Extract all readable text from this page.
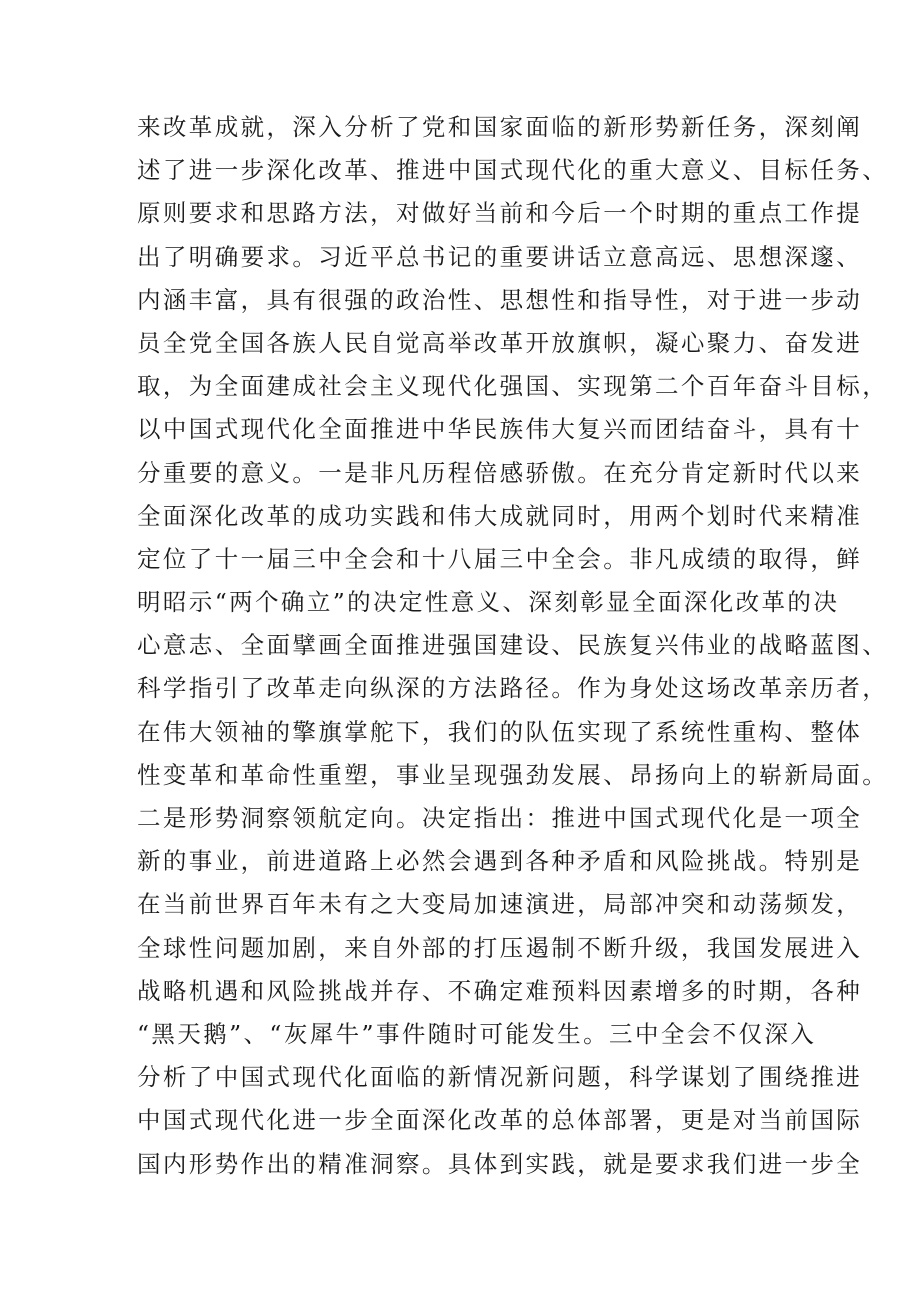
来改革成就，深入分析了党和国家面临的新形势新任务，深刻阐
述了进一步深化改革、推进中国式现代化的重大意义、目标任务、
原则要求和思路方法，对做好当前和今后一个时期的重点工作提
出了明确要求。习近平总书记的重要讲话立意高远、思想深邃、
内涵丰富，具有很强的政治性、思想性和指导性，对于进一步动
员全党全国各族人民自觉高举改革开放旗帜，凝心聚力、奋发进
取，为全面建成社会主义现代化强国、实现第二个百年奋斗目标，
以中国式现代化全面推进中华民族伟大复兴而团结奋斗，具有十
分重要的意义。一是非凡历程倍感骄傲。在充分肯定新时代以来
全面深化改革的成功实践和伟大成就同时，用两个划时代来精准
定位了十一届三中全会和十八届三中全会。非凡成绩的取得，鲜
明昭示“两个确立”的决定性意义、深刻彰显全面深化改革的决
心意志、全面擘画全面推进强国建设、民族复兴伟业的战略蓝图、
科学指引了改革走向纵深的方法路径。作为身处这场改革亲历者，
在伟大领袖的擎旗掌舵下，我们的队伍实现了系统性重构、整体
性变革和革命性重塑，事业呈现强劲发展、昂扬向上的崭新局面。
二是形势洞察领航定向。决定指出：推进中国式现代化是一项全
新的事业，前进道路上必然会遇到各种矛盾和风险挑战。特别是
在当前世界百年未有之大变局加速演进，局部冲突和动荡频发，
全球性问题加剧，来自外部的打压遏制不断升级，我国发展进入
战略机遇和风险挑战并存、不确定难预料因素增多的时期，各种
“黑天鹅”、“灰犀牛”事件随时可能发生。三中全会不仅深入
分析了中国式现代化面临的新情况新问题，科学谋划了围绕推进
中国式现代化进一步全面深化改革的总体部署，更是对当前国际
国内形势作出的精准洞察。具体到实践，就是要求我们进一步全
